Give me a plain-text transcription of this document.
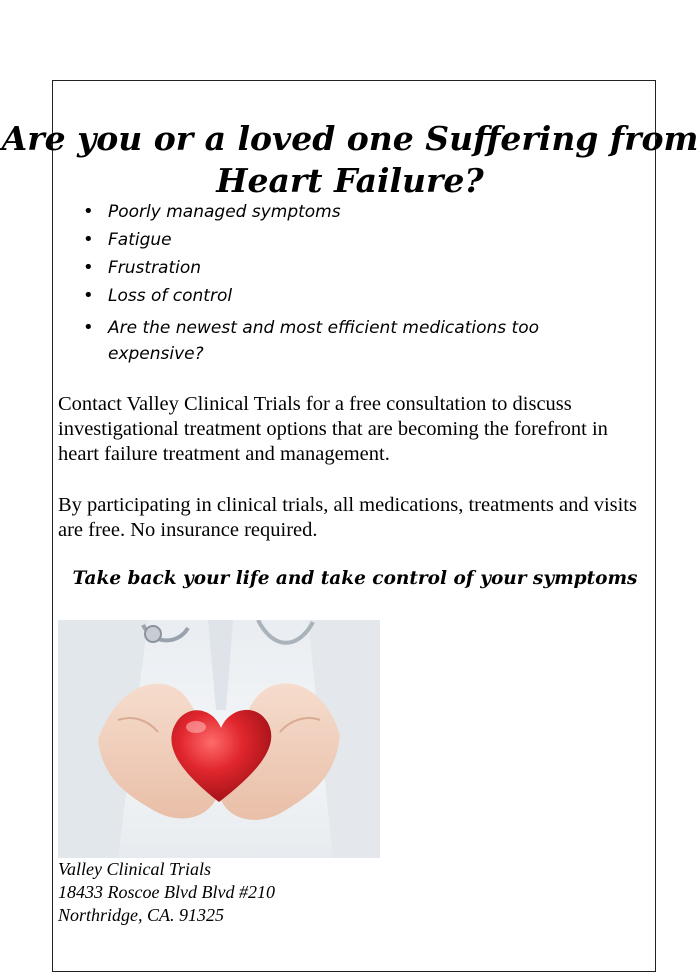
Are you or a loved one Suffering from
Heart Failure?
• Poorly managed symptoms
• Fatigue
• Frustration
• Loss of control
• Are the newest and most efficient medications too expensive?

Contact Valley Clinical Trials for a free consultation to discuss investigational treatment options that are becoming the forefront in heart failure treatment and management.

By participating in clinical trials, all medications, treatments and visits are free. No insurance required.

Take back your life and take control of your symptoms

Valley Clinical Trials
18433 Roscoe Blvd Blvd #210
Northridge, CA. 91325
